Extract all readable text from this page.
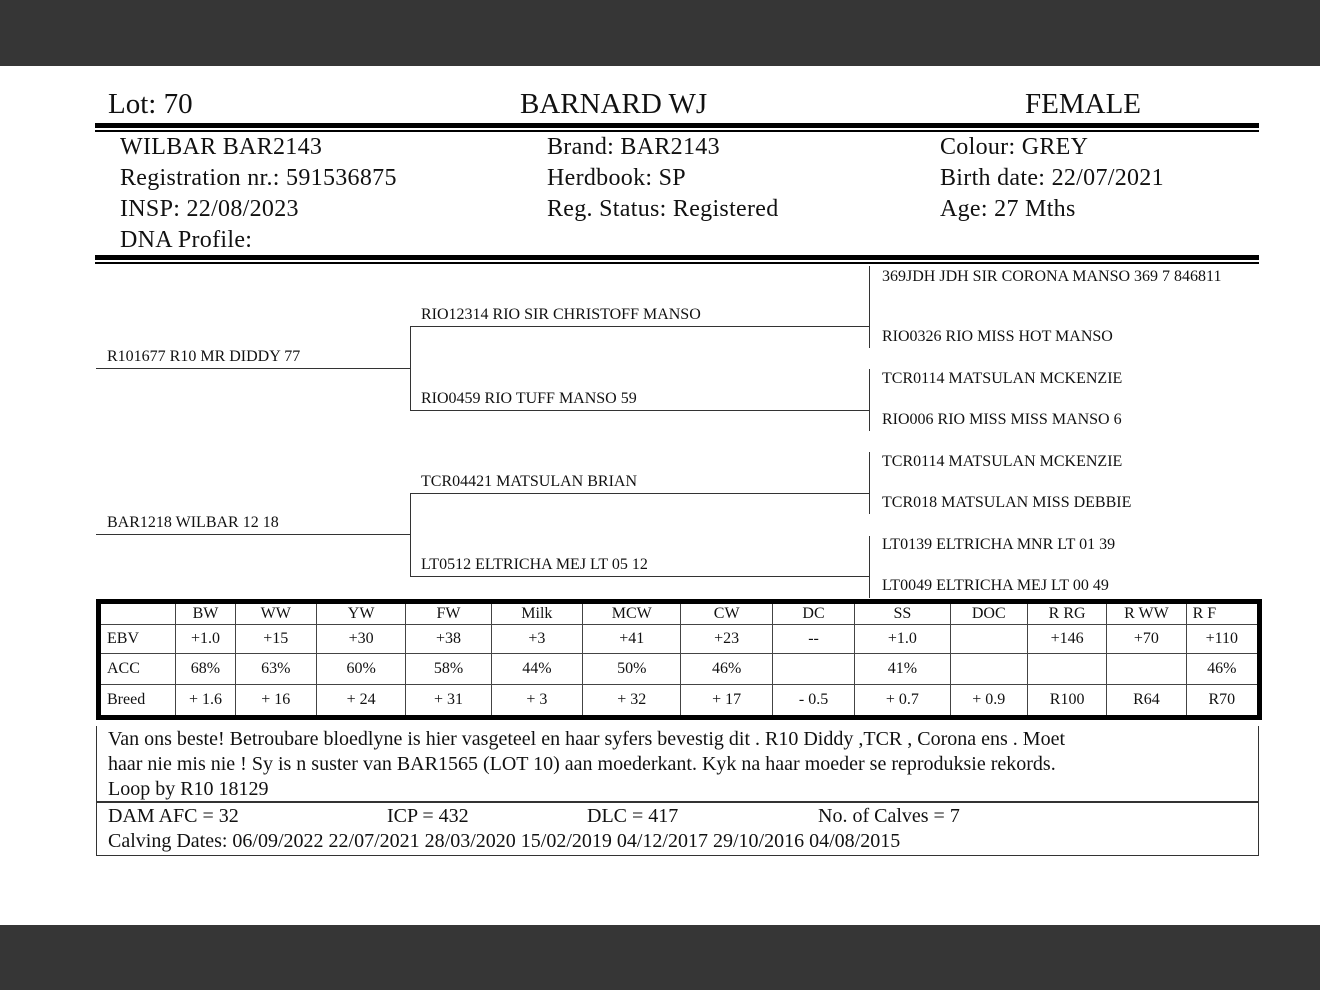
Lot: 70	BARNARD WJ	FEMALE
WILBAR BAR2143
Registration nr.: 591536875
INSP: 22/08/2023
DNA Profile:
Brand: BAR2143
Herdbook: SP
Reg. Status: Registered
Colour: GREY
Birth date: 22/07/2021
Age: 27 Mths
R101677 R10 MR DIDDY 77
RIO12314 RIO SIR CHRISTOFF MANSO
RIO0459 RIO TUFF MANSO 59
BAR1218 WILBAR 12 18
TCR04421 MATSULAN BRIAN
LT0512 ELTRICHA MEJ LT 05 12
369JDH JDH SIR CORONA MANSO 369 7 846811
RIO0326 RIO MISS HOT MANSO
TCR0114 MATSULAN MCKENZIE
RIO006 RIO MISS MISS MANSO 6
TCR0114 MATSULAN MCKENZIE
TCR018 MATSULAN MISS DEBBIE
LT0139 ELTRICHA MNR LT 01 39
LT0049 ELTRICHA MEJ LT 00 49
	BW	WW	YW	FW	Milk	MCW	CW	DC	SS	DOC	R RG	R WW	R F
EBV	+1.0	+15	+30	+38	+3	+41	+23	--	+1.0		+146	+70	+110
ACC	68%	63%	60%	58%	44%	50%	46%		41%				46%
Breed	+ 1.6	+ 16	+ 24	+ 31	+ 3	+ 32	+ 17	- 0.5	+ 0.7	+ 0.9	R100	R64	R70
Van ons beste! Betroubare bloedlyne is hier vasgeteel en haar syfers bevestig dit . R10 Diddy ,TCR , Corona ens . Moet
haar nie mis nie ! Sy is n suster van BAR1565 (LOT 10) aan moederkant. Kyk na haar moeder se reproduksie rekords.
Loop by R10 18129
DAM AFC = 32	ICP = 432	DLC = 417	No. of Calves = 7
Calving Dates: 06/09/2022 22/07/2021 28/03/2020 15/02/2019 04/12/2017 29/10/2016 04/08/2015
